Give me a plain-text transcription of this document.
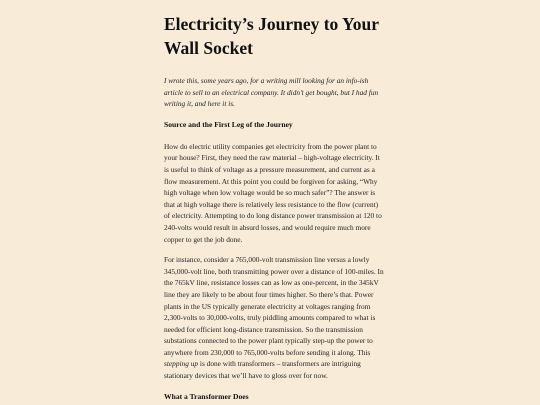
Electricity’s Journey to Your Wall Socket

I wrote this, some years ago, for a writing mill looking for an info-ish article to sell to an electrical company. It didn’t get bought, but I had fun writing it, and here it is.

Source and the First Leg of the Journey

How do electric utility companies get electricity from the power plant to your house? First, they need the raw material – high-voltage electricity. It is useful to think of voltage as a pressure measurement, and current as a flow measurement. At this point you could be forgiven for asking, “Why high voltage when low voltage would be so much safer”? The answer is that at high voltage there is relatively less resistance to the flow (current) of electricity. Attempting to do long distance power transmission at 120 to 240-volts would result in absurd losses, and would require much more copper to get the job done.

For instance, consider a 765,000-volt transmission line versus a lowly 345,000-volt line, both transmitting power over a distance of 100-miles. In the 765kV line, resistance losses can as low as one-percent, in the 345kV line they are likely to be about four times higher. So there’s that. Power plants in the US typically generate electricity at voltages ranging from 2,300-volts to 30,000-volts, truly piddling amounts compared to what is needed for efficient long-distance transmission. So the transmission substations connected to the power plant typically step-up the power to anywhere from 230,000 to 765,000-volts before sending it along. This stepping up is done with transformers – transformers are intriguing stationary devices that we’ll have to gloss over for now.

What a Transformer Does
